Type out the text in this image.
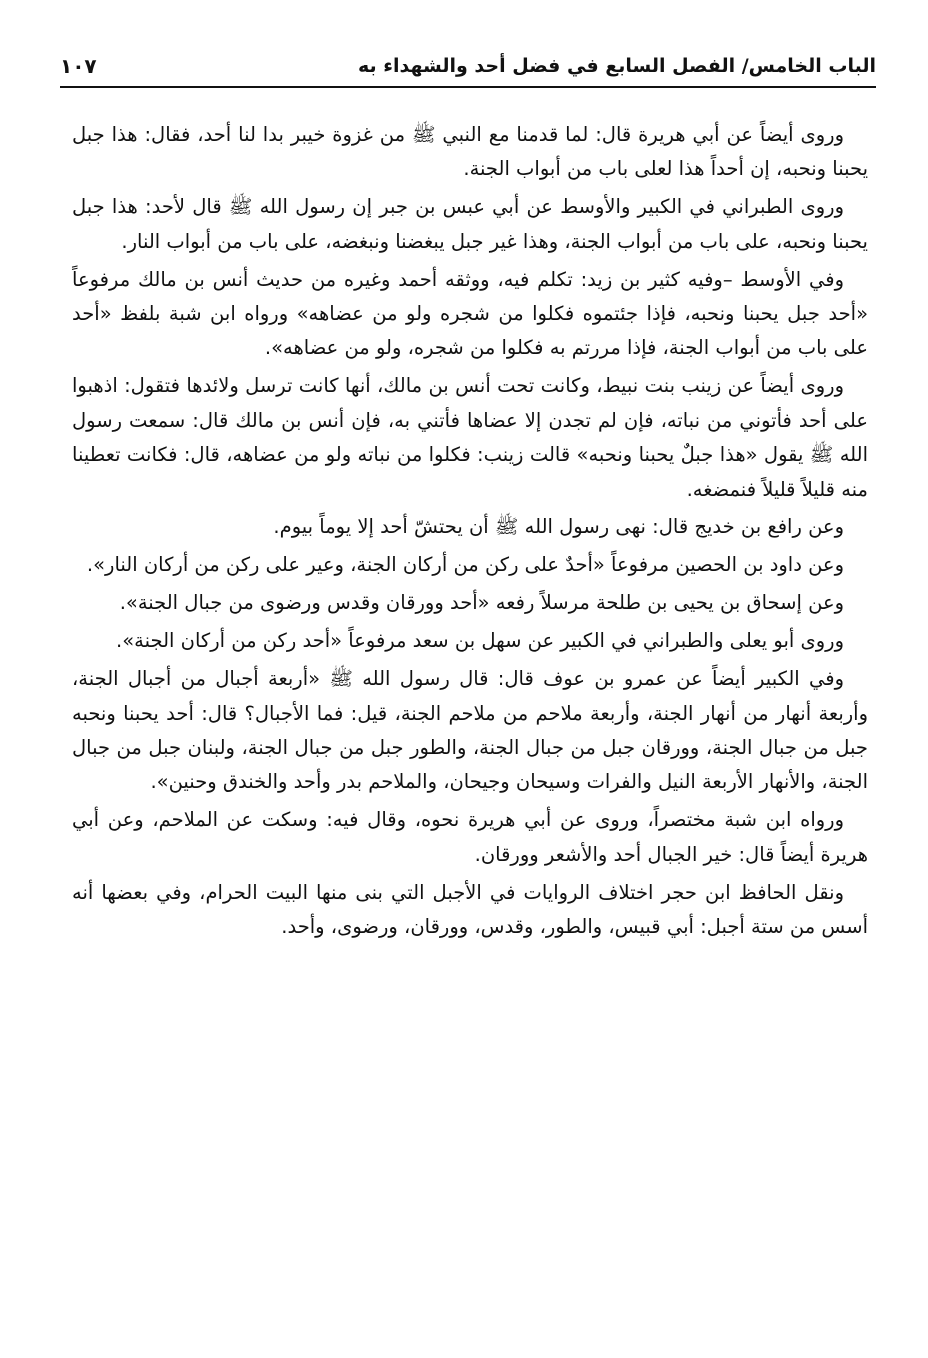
الباب الخامس/ الفصل السابع في فضل أحد والشهداء به
١٠٧

وروى أيضاً عن أبي هريرة قال: لما قدمنا مع النبي ﷺ من غزوة خيبر بدا لنا أحد، فقال: هذا جبل يحبنا ونحبه، إن أحداً هذا لعلى باب من أبواب الجنة.

وروى الطبراني في الكبير والأوسط عن أبي عبس بن جبر إن رسول الله ﷺ قال لأحد: هذا جبل يحبنا ونحبه، على باب من أبواب الجنة، وهذا غير جبل يبغضنا ونبغضه، على باب من أبواب النار.

وفي الأوسط –وفيه كثير بن زيد: تكلم فيه، ووثقه أحمد وغيره من حديث أنس بن مالك مرفوعاً «أحد جبل يحبنا ونحبه، فإذا جئتموه فكلوا من شجره ولو من عضاهه» ورواه ابن شبة بلفظ «أحد على باب من أبواب الجنة، فإذا مررتم به فكلوا من شجره، ولو من عضاهه».

وروى أيضاً عن زينب بنت نبيط، وكانت تحت أنس بن مالك، أنها كانت ترسل ولائدها فتقول: اذهبوا على أحد فأتوني من نباته، فإن لم تجدن إلا عضاها فأتني به، فإن أنس بن مالك قال: سمعت رسول الله ﷺ يقول «هذا جبلٌ يحبنا ونحبه» قالت زينب: فكلوا من نباته ولو من عضاهه، قال: فكانت تعطينا منه قليلاً قليلاً فنمضغه.

وعن رافع بن خديج قال: نهى رسول الله ﷺ أن يحتشّ أحد إلا يوماً بيوم.

وعن داود بن الحصين مرفوعاً «أحدٌ على ركن من أركان الجنة، وعير على ركن من أركان النار».

وعن إسحاق بن يحيى بن طلحة مرسلاً رفعه «أحد وورقان وقدس ورضوى من جبال الجنة».

وروى أبو يعلى والطبراني في الكبير عن سهل بن سعد مرفوعاً «أحد ركن من أركان الجنة».

وفي الكبير أيضاً عن عمرو بن عوف قال: قال رسول الله ﷺ «أربعة أجبال من أجبال الجنة، وأربعة أنهار من أنهار الجنة، وأربعة ملاحم من ملاحم الجنة، قيل: فما الأجبال؟ قال: أحد يحبنا ونحبه جبل من جبال الجنة، وورقان جبل من جبال الجنة، والطور جبل من جبال الجنة، ولبنان جبل من جبال الجنة، والأنهار الأربعة النيل والفرات وسيحان وجيحان، والملاحم بدر وأحد والخندق وحنين».

ورواه ابن شبة مختصراً، وروى عن أبي هريرة نحوه، وقال فيه: وسكت عن الملاحم، وعن أبي هريرة أيضاً قال: خير الجبال أحد والأشعر وورقان.

ونقل الحافظ ابن حجر اختلاف الروايات في الأجبل التي بنى منها البيت الحرام، وفي بعضها أنه أسس من ستة أجبل: أبي قبيس، والطور، وقدس، وورقان، ورضوى، وأحد.
